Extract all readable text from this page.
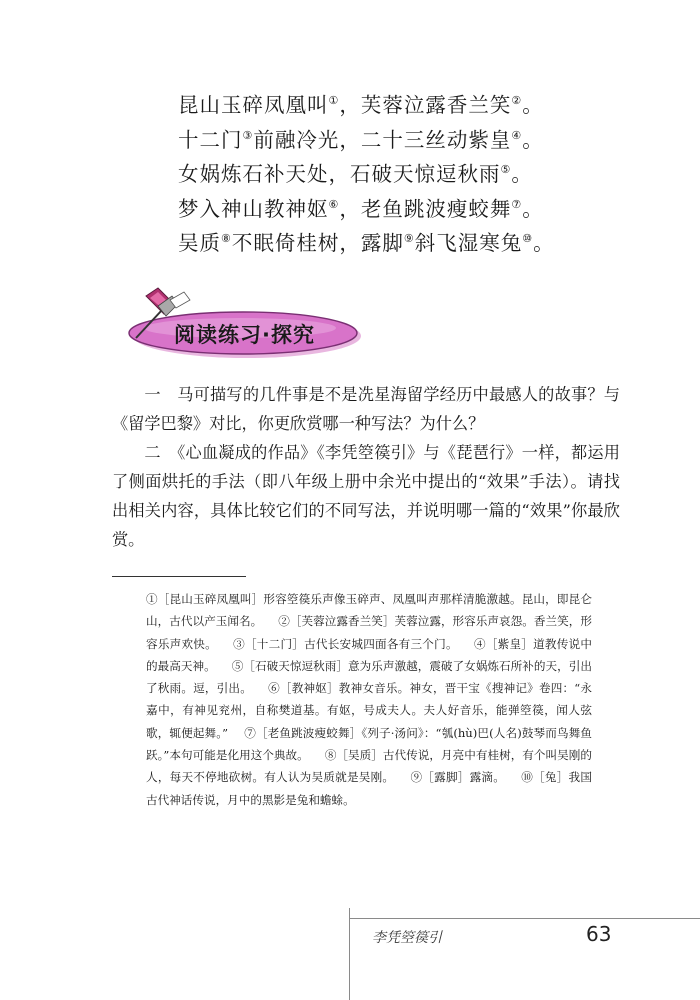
昆山玉碎凤凰叫①，芙蓉泣露香兰笑②。
十二门③前融冷光，二十三丝动紫皇④。
女娲炼石补天处，石破天惊逗秋雨⑤。
梦入神山教神妪⑥，老鱼跳波瘦蛟舞⑦。
吴质⑧不眠倚桂树，露脚⑨斜飞湿寒兔⑩。
阅读练习·探究

一　马可描写的几件事是不是冼星海留学经历中最感人的故事？与《留学巴黎》对比，你更欣赏哪一种写法？为什么？

二　《心血凝成的作品》《李凭箜篌引》与《琵琶行》一样，都运用了侧面烘托的手法（即八年级上册中余光中提出的“效果”手法）。请找出相关内容，具体比较它们的不同写法，并说明哪一篇的“效果”你最欣赏。

①［昆山玉碎凤凰叫］形容箜篌乐声像玉碎声、凤凰叫声那样清脆激越。昆山，即昆仑山，古代以产玉闻名。 ②［芙蓉泣露香兰笑］芙蓉泣露，形容乐声哀怨。香兰笑，形容乐声欢快。 ③［十二门］古代长安城四面各有三个门。 ④［紫皇］道教传说中的最高天神。 ⑤［石破天惊逗秋雨］意为乐声激越，震破了女娲炼石所补的天，引出了秋雨。逗，引出。 ⑥［教神妪］教神女音乐。神女，晋干宝《搜神记》卷四：“永嘉中，有神见兖州，自称樊道基。有妪，号成夫人。夫人好音乐，能弹箜篌，闻人弦歌，辄便起舞。” ⑦［老鱼跳波瘦蛟舞］《列子·汤问》：“瓠(hù)巴(人名)鼓琴而鸟舞鱼跃。”本句可能是化用这个典故。 ⑧［吴质］古代传说，月亮中有桂树，有个叫吴刚的人，每天不停地砍树。有人认为吴质就是吴刚。 ⑨［露脚］露滴。 ⑩［兔］我国古代神话传说，月中的黑影是兔和蟾蜍。

李凭箜篌引	63
